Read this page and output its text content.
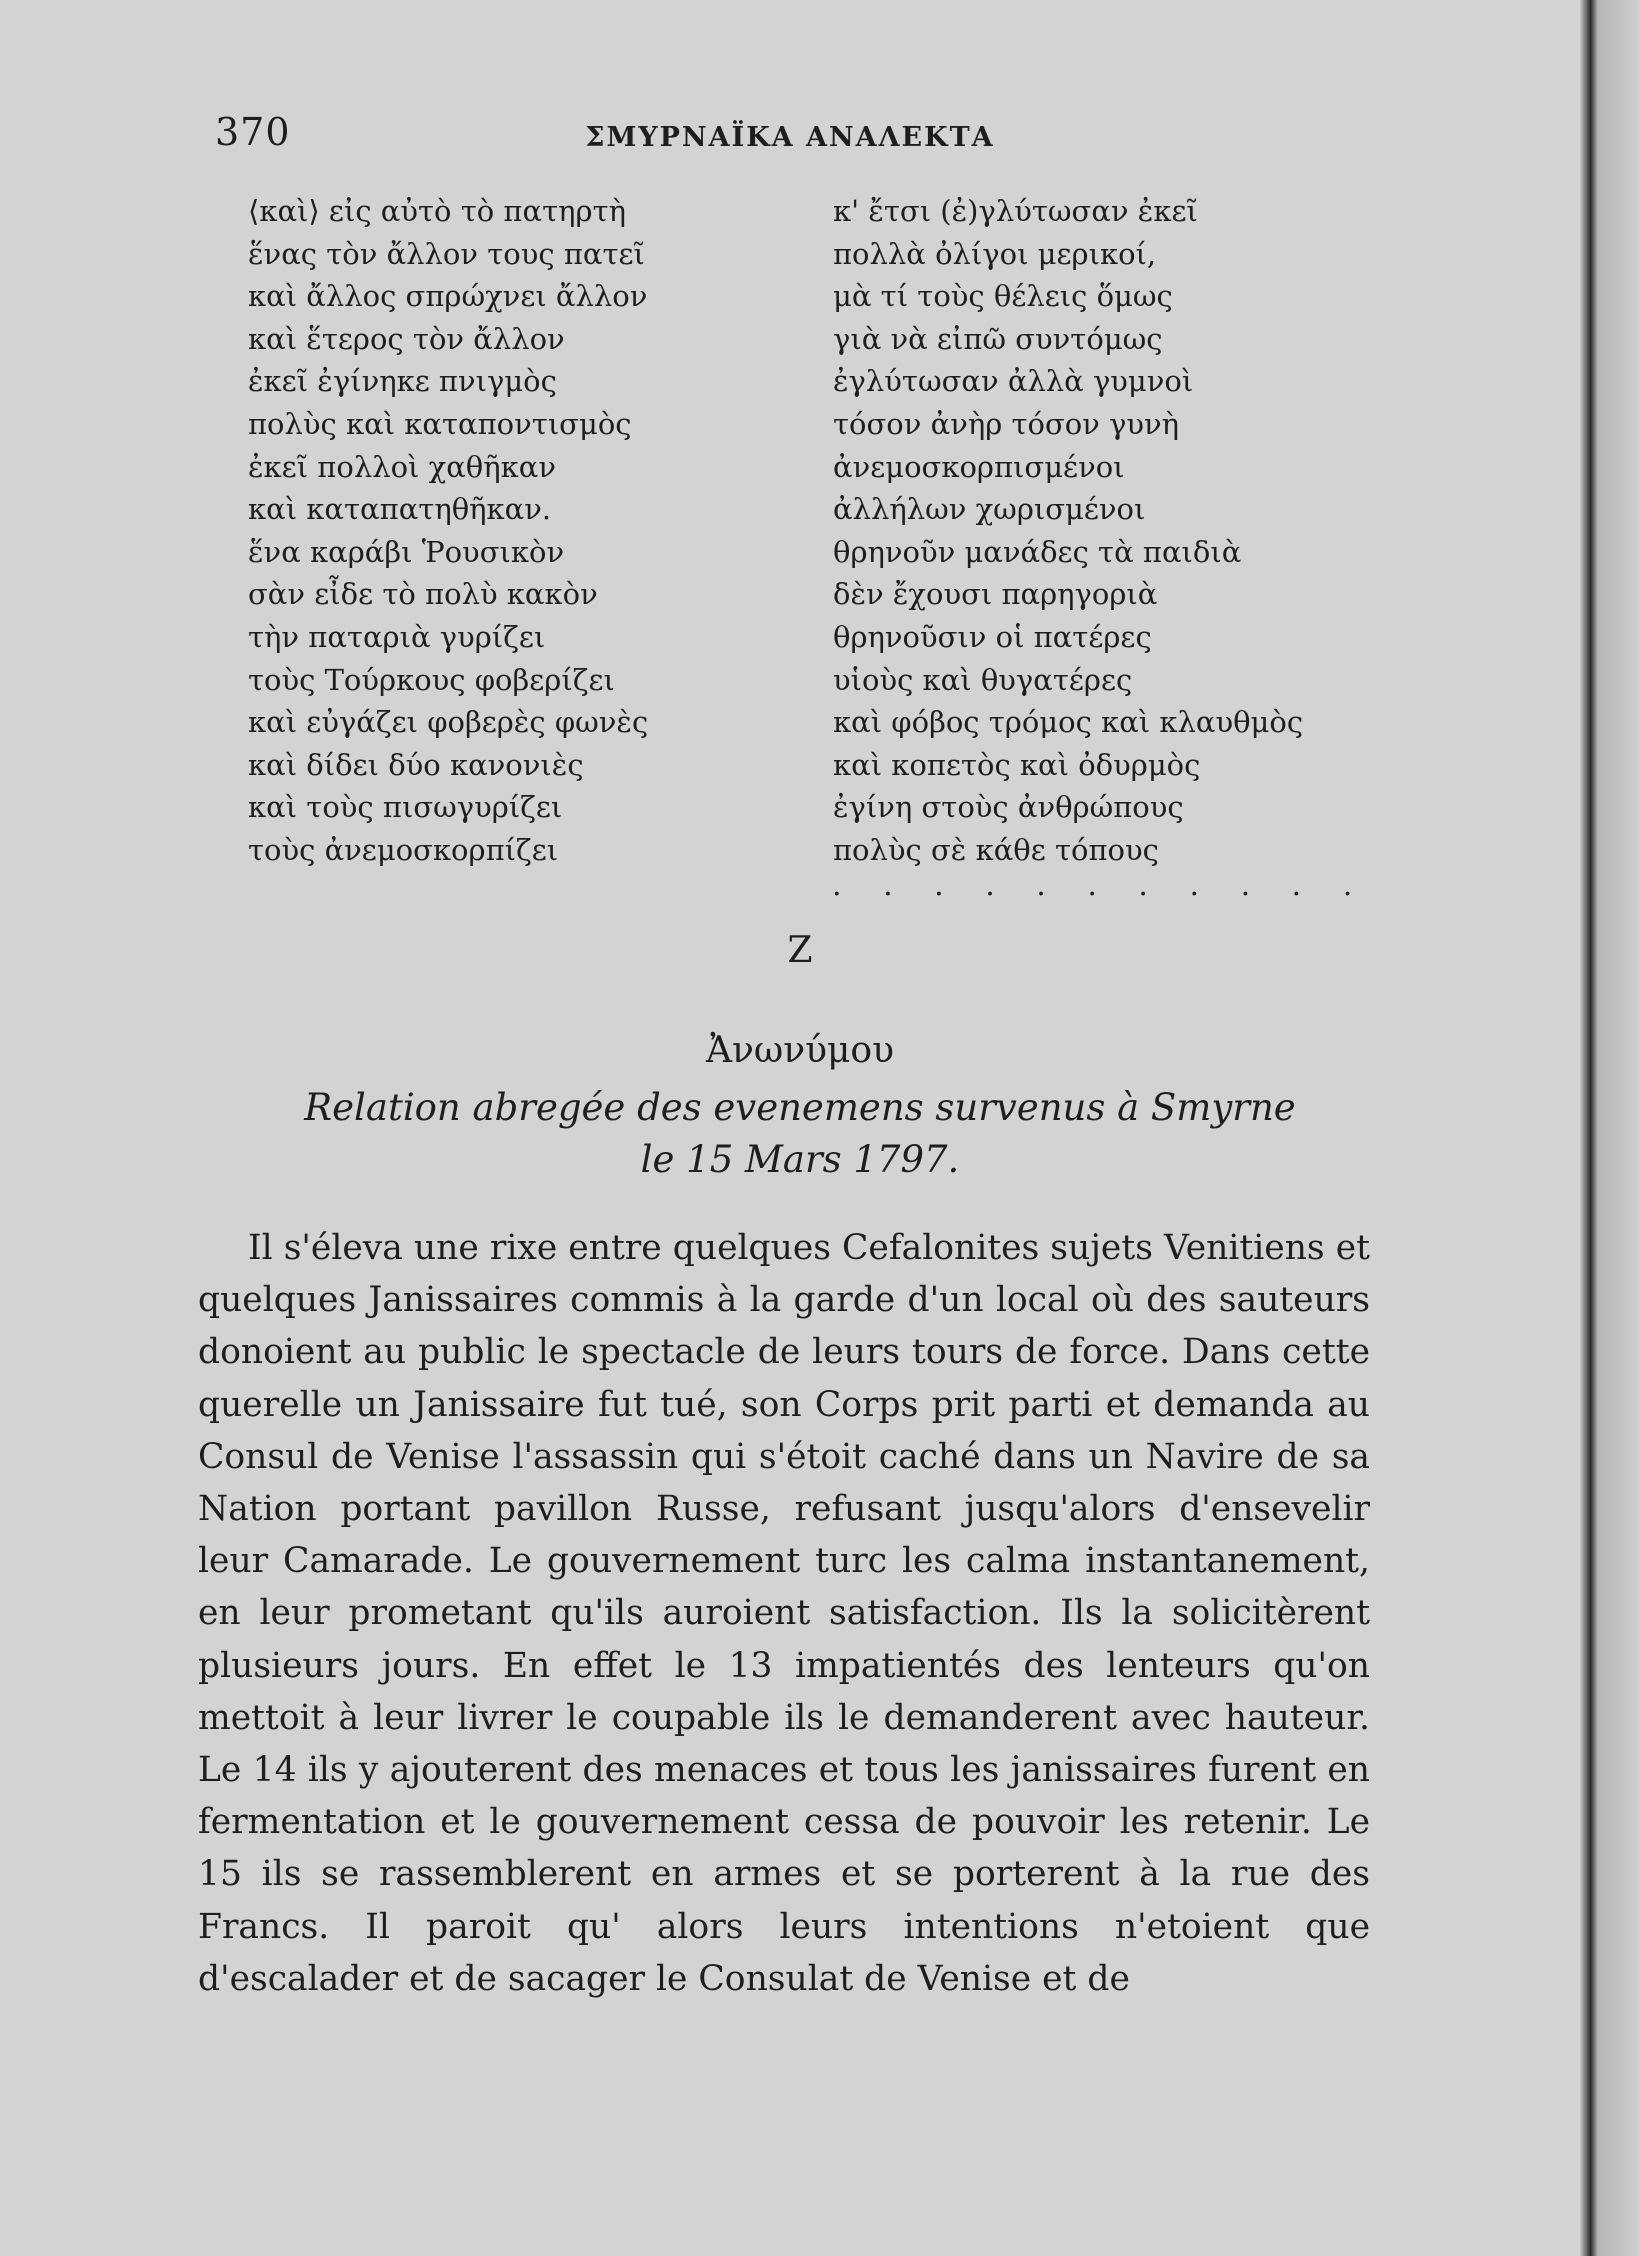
370	ΣΜΥΡΝΑΪΚΑ ΑΝΑΛΕΚΤΑ
⟨καὶ⟩ εἰς αὐτὸ τὸ πατηρτὴ
ἕνας τὸν ἄλλον τους πατεῖ
καὶ ἄλλος σπρώχνει ἄλλον
καὶ ἕτερος τὸν ἄλλον
ἐκεῖ ἐγίνηκε πνιγμὸς
πολὺς καὶ καταποντισμὸς
ἐκεῖ πολλοὶ χαθῆκαν
καὶ καταπατηθῆκαν.
ἕνα καράβι Ῥουσικὸν
σὰν εἶδε τὸ πολὺ κακὸν
τὴν παταριὰ γυρίζει
τοὺς Τούρκους φοβερίζει
καὶ εὐγάζει φοβερὲς φωνὲς
καὶ δίδει δύο κανονιὲς
καὶ τοὺς πισωγυρίζει
τοὺς ἀνεμοσκορπίζει
κ' ἔτσι (ἐ)γλύτωσαν ἐκεῖ
πολλὰ ὀλίγοι μερικοί,
μὰ τί τοὺς θέλεις ὅμως
γιὰ νὰ εἰπῶ συντόμως
ἐγλύτωσαν ἀλλὰ γυμνοὶ
τόσον ἀνὴρ τόσον γυνὴ
ἀνεμοσκορπισμένοι
ἀλλήλων χωρισμένοι
θρηνοῦν μανάδες τὰ παιδιὰ
δὲν ἔχουσι παρηγοριὰ
θρηνοῦσιν οἱ πατέρες
υἱοὺς καὶ θυγατέρες
καὶ φόβος τρόμος καὶ κλαυθμὸς
καὶ κοπετὸς καὶ ὀδυρμὸς
ἐγίνη στοὺς ἀνθρώπους
πολὺς σὲ κάθε τόπους
. . . . . . . . . . .
Z
Ἀνωνύμου
Relation abregée des evenemens survenus à Smyrne
le 15 Mars 1797.

Il s'éleva une rixe entre quelques Cefalonites sujets Venitiens et quelques Janissaires commis à la garde d'un local où des sauteurs donoient au public le spectacle de leurs tours de force. Dans cette querelle un Janissaire fut tué, son Corps prit parti et demanda au Consul de Venise l'assassin qui s'étoit caché dans un Navire de sa Nation portant pavillon Russe, refusant jusqu'alors d'ensevelir leur Camarade. Le gouvernement turc les calma instantanement, en leur prometant qu'ils auroient satisfaction. Ils la solicitèrent plusieurs jours. En effet le 13 impatientés des lenteurs qu'on mettoit à leur livrer le coupable ils le demanderent avec hauteur. Le 14 ils y ajouterent des menaces et tous les janissaires furent en fermentation et le gouvernement cessa de pouvoir les retenir. Le 15 ils se rassemblerent en armes et se porterent à la rue des Francs. Il paroit qu' alors leurs intentions n'etoient que d'escalader et de sacager le Consulat de Venise et de
